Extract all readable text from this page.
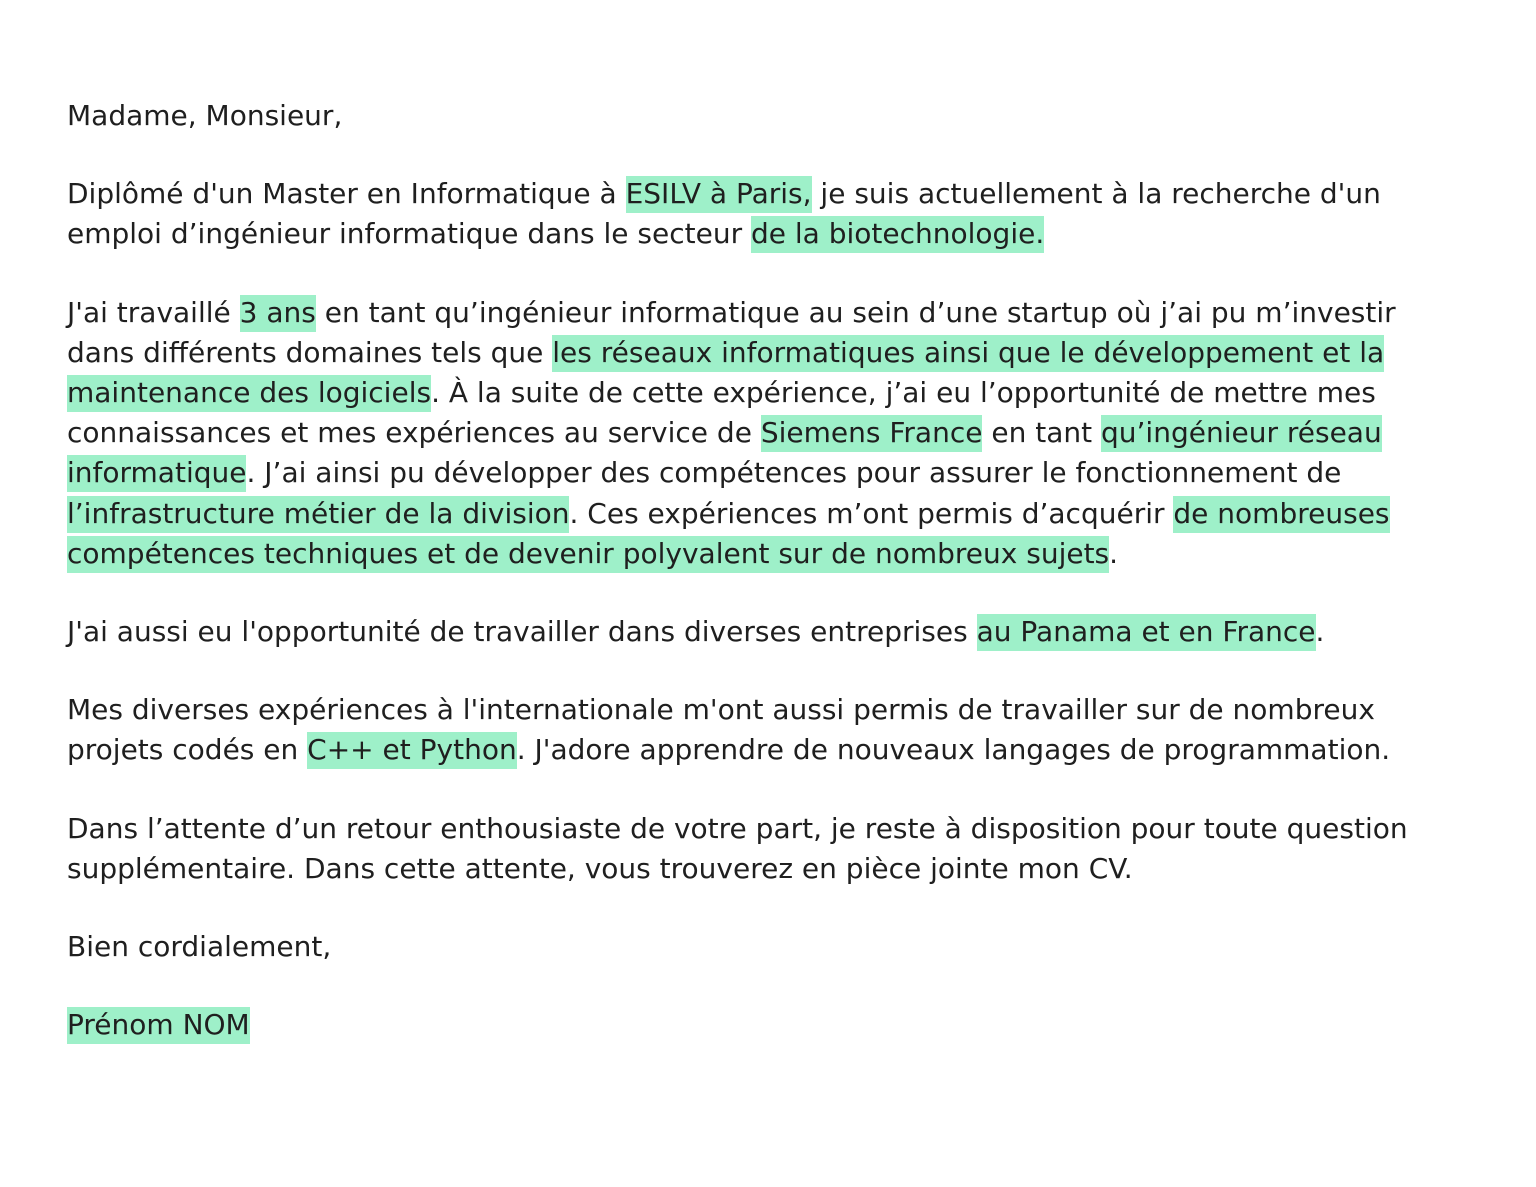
Madame, Monsieur,

Diplômé d'un Master en Informatique à ESILV à Paris, je suis actuellement à la recherche d'un
emploi d’ingénieur informatique dans le secteur de la biotechnologie.

J'ai travaillé 3 ans en tant qu’ingénieur informatique au sein d’une startup où j’ai pu m’investir
dans différents domaines tels que les réseaux informatiques ainsi que le développement et la
maintenance des logiciels. À la suite de cette expérience, j’ai eu l’opportunité de mettre mes
connaissances et mes expériences au service de Siemens France en tant qu’ingénieur réseau
informatique. J’ai ainsi pu développer des compétences pour assurer le fonctionnement de
l’infrastructure métier de la division. Ces expériences m’ont permis d’acquérir de nombreuses
compétences techniques et de devenir polyvalent sur de nombreux sujets.

J'ai aussi eu l'opportunité de travailler dans diverses entreprises au Panama et en France.

Mes diverses expériences à l'internationale m'ont aussi permis de travailler sur de nombreux
projets codés en C++ et Python. J'adore apprendre de nouveaux langages de programmation.

Dans l’attente d’un retour enthousiaste de votre part, je reste à disposition pour toute question
supplémentaire. Dans cette attente, vous trouverez en pièce jointe mon CV.

Bien cordialement,

Prénom NOM
